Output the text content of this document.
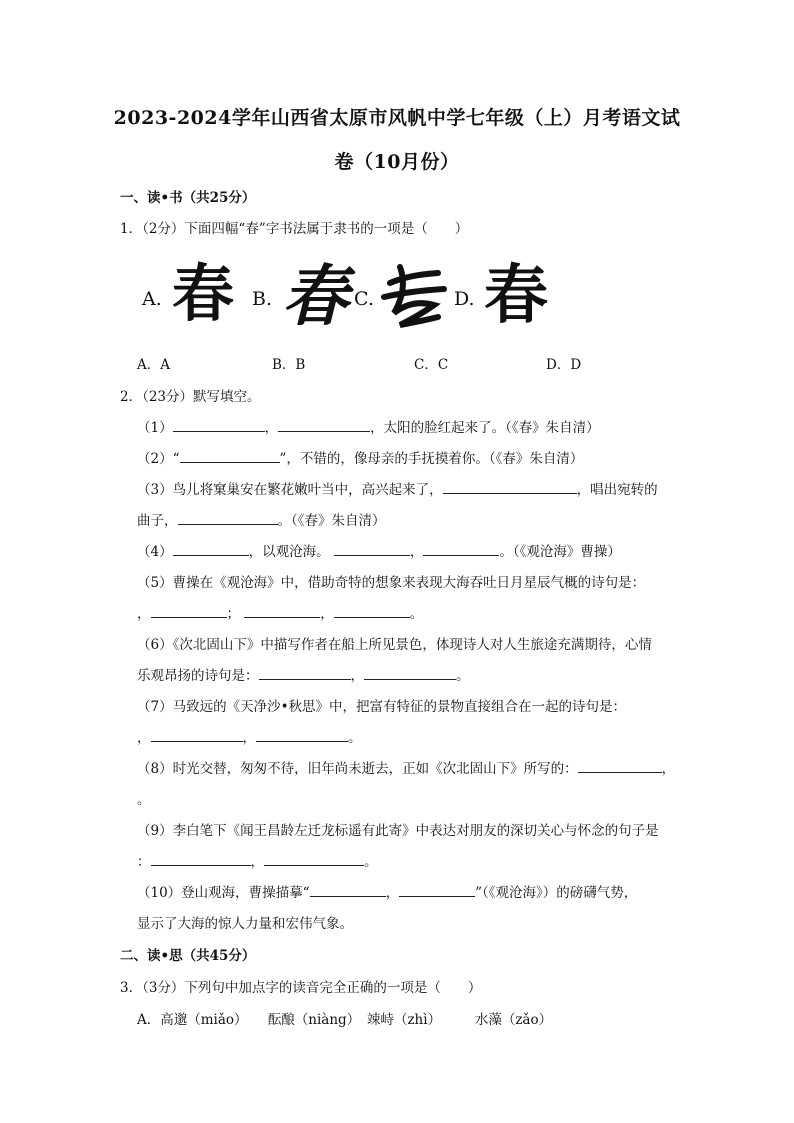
2023-2024学年山西省太原市风帆中学七年级（上）月考语文试
卷（10月份）
一、读•书（共25分）
1．（2分）下面四幅“春”字书法属于隶书的一项是（　　）
A. 春 B. 春 C.	D. 春
A．A	B．B	C．C	D．D
2．（23分）默写填空。
（1）	，	，太阳的脸红起来了。（《春》朱自清）
（2）“	”，不错的，像母亲的手抚摸着你。（《春》朱自清）
（3）鸟儿将窠巢安在繁花嫩叶当中，高兴起来了，	，唱出宛转的
曲子，	。（《春》朱自清）
（4）	，以观沧海。	，	。（《观沧海》曹操）
（5）曹操在《观沧海》中，借助奇特的想象来表现大海吞吐日月星辰气概的诗句是：
，	；	，	。
（6）《次北固山下》中描写作者在船上所见景色，体现诗人对人生旅途充满期待，心情
乐观昂扬的诗句是：	，	。
（7）马致远的《天净沙•秋思》中，把富有特征的景物直接组合在一起的诗句是：
，	，	。
（8）时光交替，匆匆不待，旧年尚未逝去，正如《次北固山下》所写的：	，
。
（9）李白笔下《闻王昌龄左迁龙标遥有此寄》中表达对朋友的深切关心与怀念的句子是
：	，	。
（10）登山观海，曹操描摹“	，	”（《观沧海》）的磅礴气势，
显示了大海的惊人力量和宏伟气象。
二、读•思（共45分）
3．（3分）下列句中加点字的读音完全正确的一项是（　　）
A．高邈（miǎo）　　酝酿（niàng）　竦峙（zhì）　　　水藻（zǎo）
